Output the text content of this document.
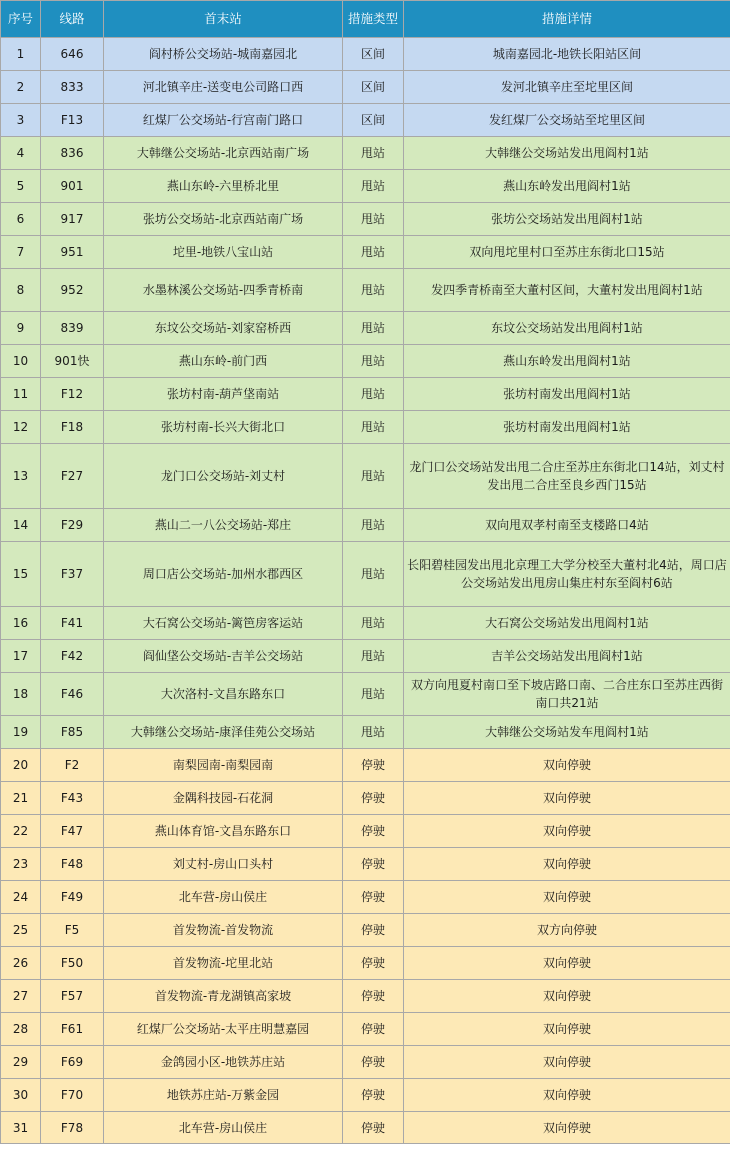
序号	线路	首末站	措施类型	措施详情
1	646	阎村桥公交场站-城南嘉园北	区间	城南嘉园北-地铁长阳站区间
2	833	河北镇辛庄-送变电公司路口西	区间	发河北镇辛庄至坨里区间
3	F13	红煤厂公交场站-行宫南门路口	区间	发红煤厂公交场站至坨里区间
4	836	大韩继公交场站-北京西站南广场	甩站	大韩继公交场站发出甩阎村1站
5	901	燕山东岭-六里桥北里	甩站	燕山东岭发出甩阎村1站
6	917	张坊公交场站-北京西站南广场	甩站	张坊公交场站发出甩阎村1站
7	951	坨里-地铁八宝山站	甩站	双向甩坨里村口至苏庄东街北口15站
8	952	水墨林溪公交场站-四季青桥南	甩站	发四季青桥南至大董村区间，大董村发出甩阎村1站
9	839	东坟公交场站-刘家窑桥西	甩站	东坟公交场站发出甩阎村1站
10	901快	燕山东岭-前门西	甩站	燕山东岭发出甩阎村1站
11	F12	张坊村南-葫芦垡南站	甩站	张坊村南发出甩阎村1站
12	F18	张坊村南-长兴大街北口	甩站	张坊村南发出甩阎村1站
13	F27	龙门口公交场站-刘丈村	甩站	龙门口公交场站发出甩二合庄至苏庄东街北口14站，刘丈村发出甩二合庄至良乡西门15站
14	F29	燕山二一八公交场站-郑庄	甩站	双向甩双孝村南至支楼路口4站
15	F37	周口店公交场站-加州水郡西区	甩站	长阳碧桂园发出甩北京理工大学分校至大董村北4站，周口店公交场站发出甩房山集庄村东至阎村6站
16	F41	大石窝公交场站-篱笆房客运站	甩站	大石窝公交场站发出甩阎村1站
17	F42	阎仙垡公交场站-吉羊公交场站	甩站	吉羊公交场站发出甩阎村1站
18	F46	大次洛村-文昌东路东口	甩站	双方向甩夏村南口至下坡店路口南、二合庄东口至苏庄西街南口共21站
19	F85	大韩继公交场站-康泽佳苑公交场站	甩站	大韩继公交场站发车甩阎村1站
20	F2	南梨园南-南梨园南	停驶	双向停驶
21	F43	金隅科技园-石花洞	停驶	双向停驶
22	F47	燕山体育馆-文昌东路东口	停驶	双向停驶
23	F48	刘丈村-房山口头村	停驶	双向停驶
24	F49	北车营-房山侯庄	停驶	双向停驶
25	F5	首发物流-首发物流	停驶	双方向停驶
26	F50	首发物流-坨里北站	停驶	双向停驶
27	F57	首发物流-青龙湖镇高家坡	停驶	双向停驶
28	F61	红煤厂公交场站-太平庄明慧嘉园	停驶	双向停驶
29	F69	金鸽园小区-地铁苏庄站	停驶	双向停驶
30	F70	地铁苏庄站-万紫金园	停驶	双向停驶
31	F78	北车营-房山侯庄	停驶	双向停驶
